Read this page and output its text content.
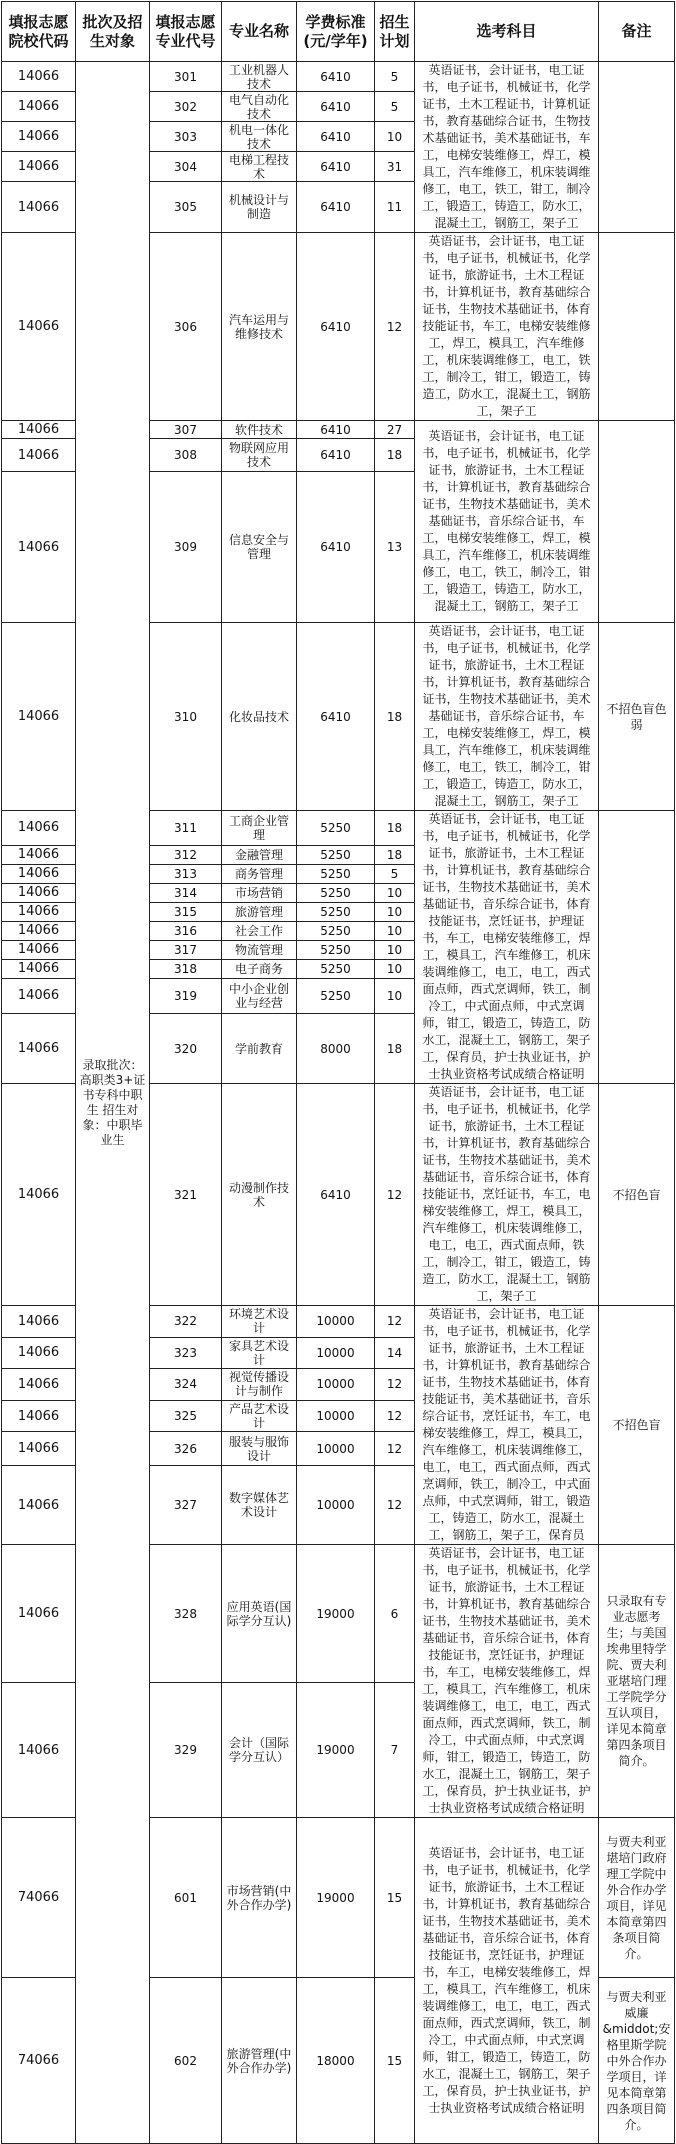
填报志愿院校代码	批次及招生对象	填报志愿专业代号	专业名称	学费标准(元/学年)	招生计划	选考科目	备注
14066	录取批次：高职类3+证书专科中职生 招生对象：中职毕业生	301	工业机器人技术	6410	5	英语证书，会计证书，电工证书，电子证书，机械证书，化学证书，土木工程证书，计算机证书，教育基础综合证书，生物技术基础证书，美术基础证书，车工，电梯安装维修工，焊工，模具工，汽车维修工，机床装调维修工，电工，铁工，钳工，制冷工，锻造工，铸造工，防水工，混凝土工，钢筋工，架子工	
14066		302	电气自动化技术	6410	5		
14066		303	机电一体化技术	6410	10		
14066		304	电梯工程技术	6410	31		
14066		305	机械设计与制造	6410	11		
14066		306	汽车运用与维修技术	6410	12	英语证书，会计证书，电工证书，电子证书，机械证书，化学证书，旅游证书，土木工程证书，计算机证书，教育基础综合证书，生物技术基础证书，体育技能证书，车工，电梯安装维修工，焊工，模具工，汽车维修工，机床装调维修工，电工，铁工，制冷工，钳工，锻造工，铸造工，防水工，混凝土工，钢筋工，架子工	
14066		307	软件技术	6410	27	英语证书，会计证书，电工证书，电子证书，机械证书，化学证书，旅游证书，土木工程证书，计算机证书，教育基础综合证书，生物技术基础证书，美术基础证书，音乐综合证书，车工，电梯安装维修工，焊工，模具工，汽车维修工，机床装调维修工，电工，铁工，制冷工，钳工，锻造工，铸造工，防水工，混凝土工，钢筋工，架子工	
14066		308	物联网应用技术	6410	18		
14066		309	信息安全与管理	6410	13		
14066		310	化妆品技术	6410	18	英语证书，会计证书，电工证书，电子证书，机械证书，化学证书，旅游证书，土木工程证书，计算机证书，教育基础综合证书，生物技术基础证书，美术基础证书，音乐综合证书，车工，电梯安装维修工，焊工，模具工，汽车维修工，机床装调维修工，电工，铁工，制冷工，钳工，锻造工，铸造工，防水工，混凝土工，钢筋工，架子工	不招色盲色弱
14066		311	工商企业管理	5250	18	英语证书，会计证书，电工证书，电子证书，机械证书，化学证书，旅游证书，土木工程证书，计算机证书，教育基础综合证书，生物技术基础证书，美术基础证书，音乐综合证书，体育技能证书，烹饪证书，护理证书，车工，电梯安装维修工，焊工，模具工，汽车维修工，机床装调维修工，电工，电工，西式面点师，西式烹调师，铁工，制冷工，中式面点师，中式烹调师，钳工，锻造工，铸造工，防水工，混凝土工，钢筋工，架子工，保育员，护士执业证书，护士执业资格考试成绩合格证明	
14066		312	金融管理	5250	18		
14066		313	商务管理	5250	5		
14066		314	市场营销	5250	10		
14066		315	旅游管理	5250	10		
14066		316	社会工作	5250	10		
14066		317	物流管理	5250	10		
14066		318	电子商务	5250	10		
14066		319	中小企业创业与经营	5250	10		
14066		320	学前教育	8000	18		
14066		321	动漫制作技术	6410	12	英语证书，会计证书，电工证书，电子证书，机械证书，化学证书，旅游证书，土木工程证书，计算机证书，教育基础综合证书，生物技术基础证书，美术基础证书，音乐综合证书，体育技能证书，烹饪证书，车工，电梯安装维修工，焊工，模具工，汽车维修工，机床装调维修工，电工，电工，西式面点师，铁工，制冷工，钳工，锻造工，铸造工，防水工，混凝土工，钢筋工，架子工	不招色盲
14066		322	环境艺术设计	10000	12	英语证书，会计证书，电工证书，电子证书，机械证书，化学证书，旅游证书，土木工程证书，计算机证书，教育基础综合证书，生物技术基础证书，体育技能证书，美术基础证书，音乐综合证书，烹饪证书，车工，电梯安装维修工，焊工，模具工，汽车维修工，机床装调维修工，电工，电工，西式面点师，西式烹调师，铁工，制冷工，中式面点师，中式烹调师，钳工，锻造工，铸造工，防水工，混凝土工，钢筋工，架子工，保育员	不招色盲
14066		323	家具艺术设计	10000	14		
14066		324	视觉传播设计与制作	10000	12		
14066		325	产品艺术设计	10000	12		
14066		326	服装与服饰设计	10000	12		
14066		327	数字媒体艺术设计	10000	12		
14066		328	应用英语(国际学分互认)	19000	6	英语证书，会计证书，电工证书，电子证书，机械证书，化学证书，旅游证书，土木工程证书，计算机证书，教育基础综合证书，生物技术基础证书，美术基础证书，音乐综合证书，体育技能证书，烹饪证书，护理证书，车工，电梯安装维修工，焊工，模具工，汽车维修工，机床装调维修工，电工，电工，西式面点师，西式烹调师，铁工，制冷工，中式面点师，中式烹调师，钳工，锻造工，铸造工，防水工，混凝土工，钢筋工，架子工，保育员，护士执业证书，护士执业资格考试成绩合格证明	只录取有专业志愿考生；与美国埃弗里特学院、贾夫利亚堪培门理工学院学分互认项目，详见本简章第四条项目简介。
14066		329	会计（国际学分互认）	19000	7		
74066		601	市场营销(中外合作办学)	19000	15	英语证书，会计证书，电工证书，电子证书，机械证书，化学证书，旅游证书，土木工程证书，计算机证书，教育基础综合证书，生物技术基础证书，美术基础证书，音乐综合证书，体育技能证书，烹饪证书，护理证书，车工，电梯安装维修工，焊工，模具工，汽车维修工，机床装调维修工，电工，电工，西式面点师，西式烹调师，铁工，制冷工，中式面点师，中式烹调师，钳工，锻造工，铸造工，防水工，混凝土工，钢筋工，架子工，保育员，护士执业证书，护士执业资格考试成绩合格证明	与贾夫利亚堪培门政府理工学院中外合作办学项目，详见本简章第四条项目简介。
74066		602	旅游管理(中外合作办学)	18000	15		与贾夫利亚威廉&middot;安格里斯学院中外合作办学项目，详见本简章第四条项目简介。
